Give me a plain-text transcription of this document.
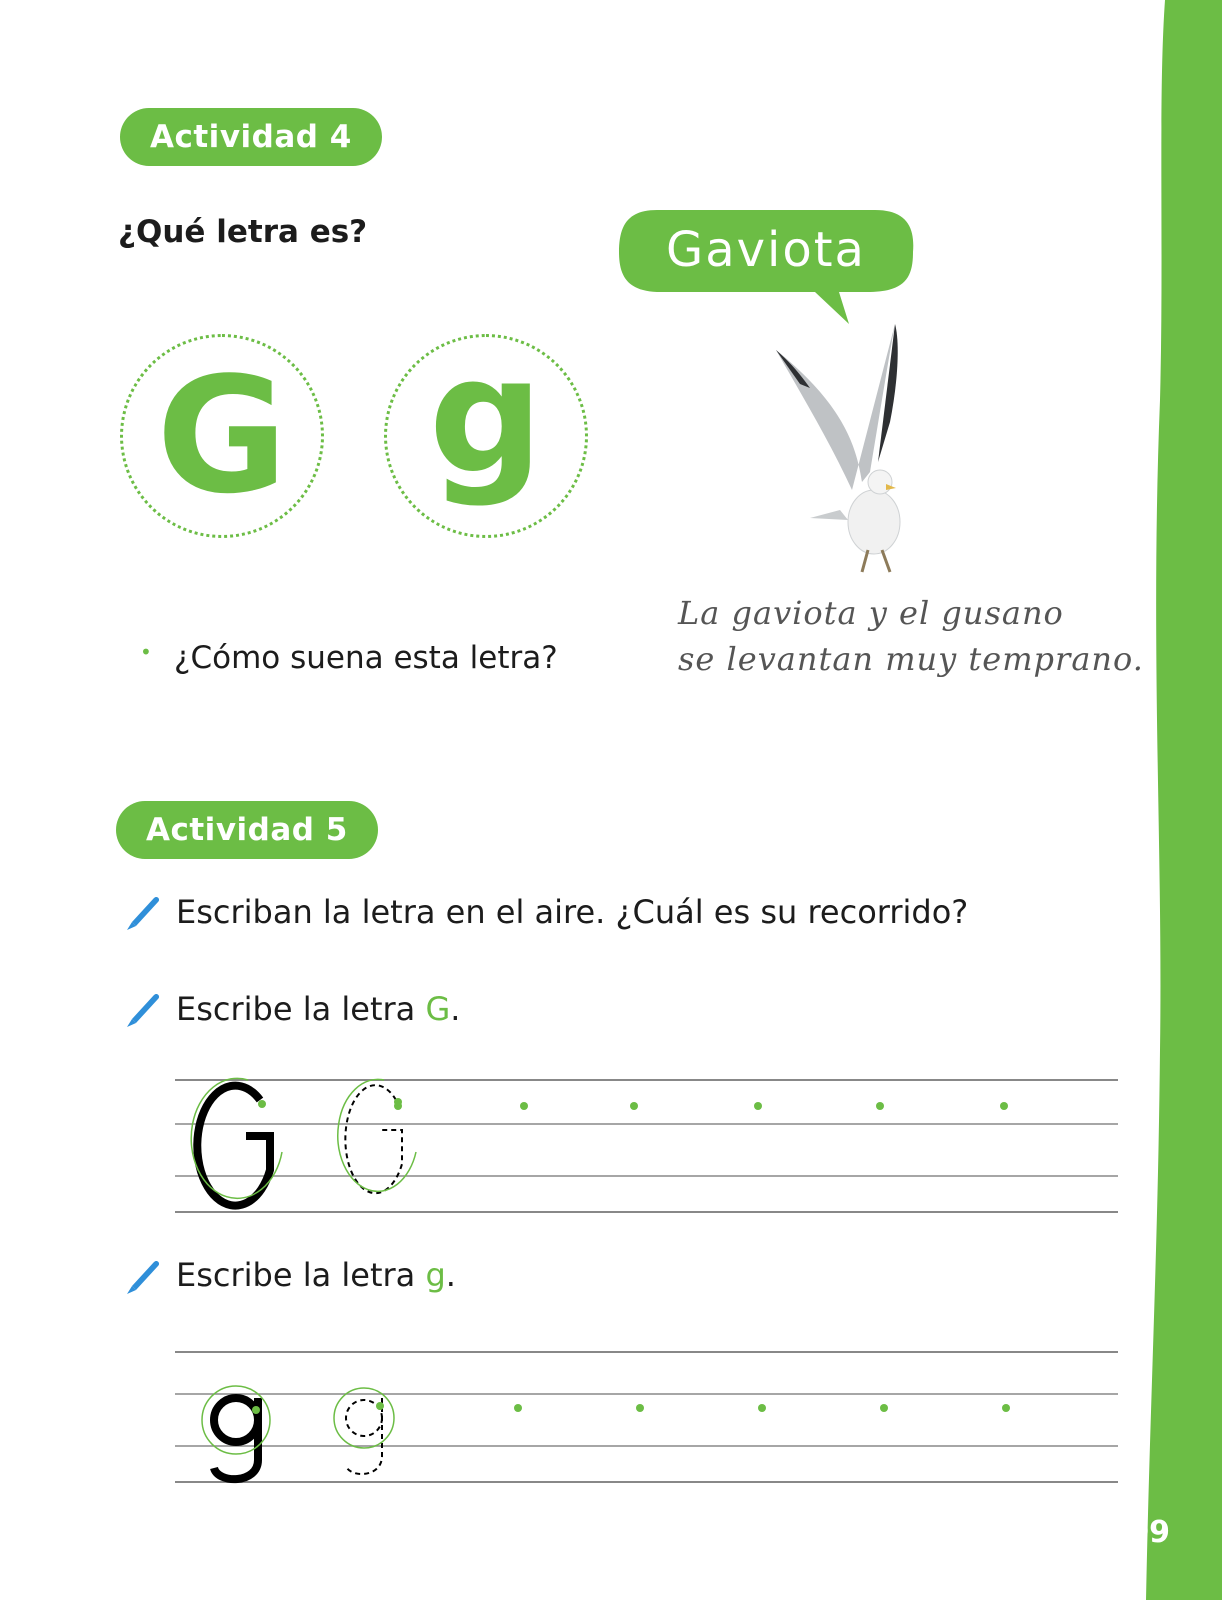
Actividad 4
¿Qué letra es?	Gaviota
G g
• ¿Cómo suena esta letra?
La gaviota y el gusano
se levantan muy temprano.
Actividad 5
Escriban la letra en el aire. ¿Cuál es su recorrido?
Escribe la letra G.
Escribe la letra g.
109
